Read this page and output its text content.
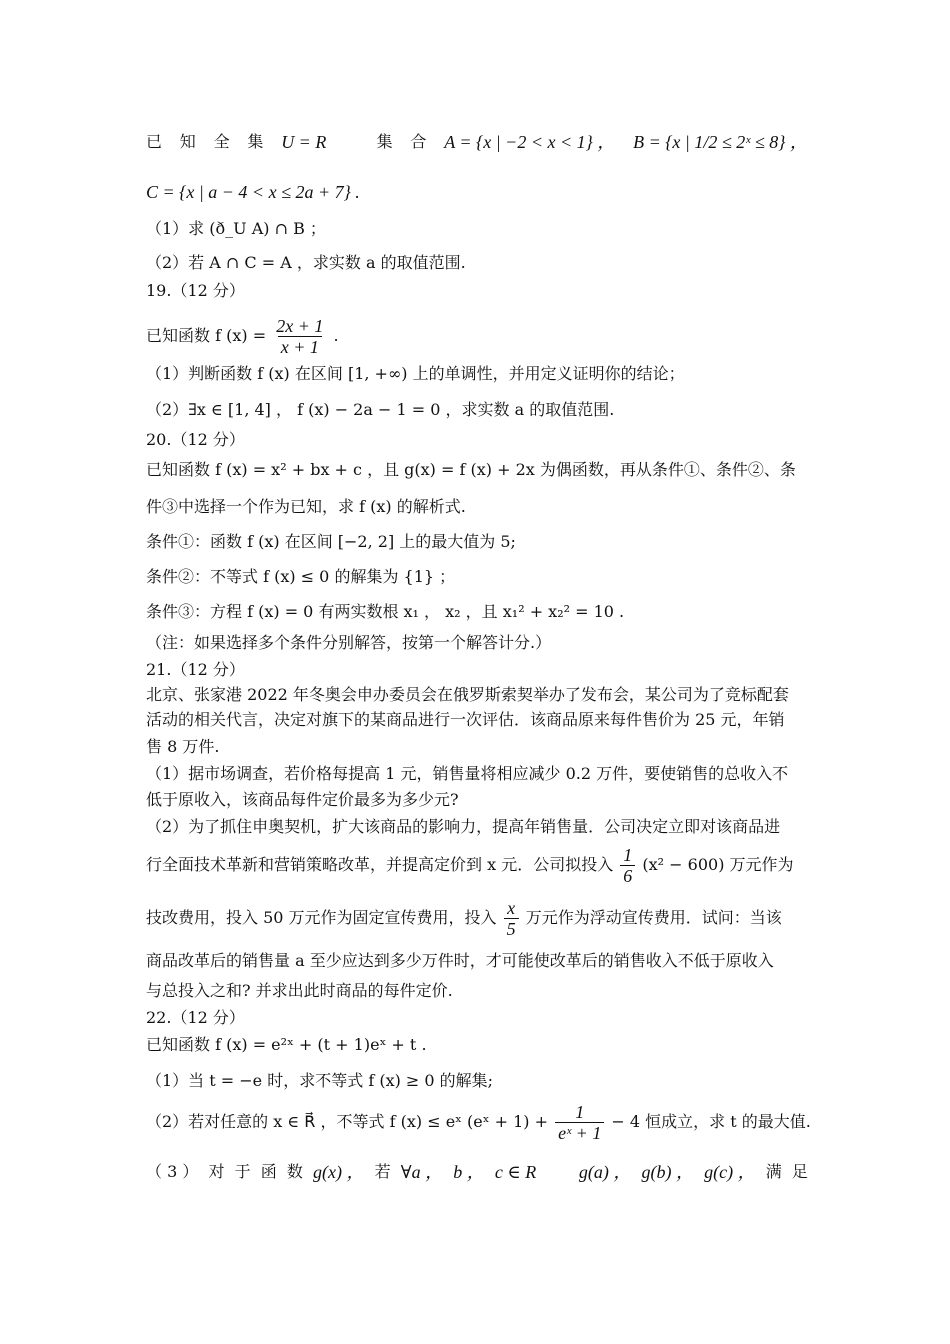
已 知 全 集 U = R⃗ ， 集 合 A = {x | −2 < x < 1} ， B = {x | 1/2 ≤ 2ˣ ≤ 8} ，
C = {x | a − 4 < x ≤ 2a + 7} .
（1）求 (ð_U A) ∩ B ；
（2）若 A ∩ C = A ，求实数 a 的取值范围.
19.（12 分）
已知函数 f $(x) = \frac{2x + 1}{x + 1}$ .
（1）判断函数 f (x) 在区间 [1, +∞) 上的单调性，并用定义证明你的结论；
（2）∃x ∈ [1, 4] ， f (x) − 2a − 1 = 0 ，求实数 a 的取值范围.
20.（12 分）
已知函数 f (x) = x² + bx + c ，且 g(x) = f (x) + 2x 为偶函数，再从条件①、条件②、条
件③中选择一个作为已知，求 f (x) 的解析式.
条件①：函数 f (x) 在区间 [−2, 2] 上的最大值为 5;
条件②：不等式 f (x) ≤ 0 的解集为 {1} ；
条件③：方程 f (x) = 0 有两实数根 x₁ ， x₂ ，且 x₁² + x₂² = 10 .
（注：如果选择多个条件分别解答，按第一个解答计分.）
21.（12 分）
北京、张家港 2022 年冬奥会申办委员会在俄罗斯索契举办了发布会，某公司为了竞标配套
活动的相关代言，决定对旗下的某商品进行一次评估．该商品原来每件售价为 25 元，年销
售 8 万件.
（1）据市场调查，若价格每提高 1 元，销售量将相应减少 0.2 万件，要使销售的总收入不
低于原收入，该商品每件定价最多为多少元?
（2）为了抓住申奥契机，扩大该商品的影响力，提高年销售量．公司决定立即对该商品进
行全面技术革新和营销策略改革，并提高定价到 x 元．公司拟投入 $\frac{1}{6} (x^2 - 600)$ 万元作为
技改费用，投入 50 万元作为固定宣传费用，投入 $\frac{x}{5}$ 万元作为浮动宣传费用．试问：当该
商品改革后的销售量 a 至少应达到多少万件时，才可能使改革后的销售收入不低于原收入
与总投入之和? 并求出此时商品的每件定价.
22.（12 分）
已知函数 f (x) = e²ˣ + (t + 1)eˣ + t .
（1）当 t = −e 时，求不等式 f (x) ≥ 0 的解集;
（2）若对任意的 x ∈ R⃗ ，不等式 f (x) ≤ eˣ (eˣ + $1) + \frac{1}{\text{eˣ + 1}} - 4$ 恒成立，求 t 的最大值.
（ 3 ） 对 于 函 数 g(x) ， 若 ∀a ， b ， c ∈ R⃗ ， g(a) ， g(b) ， g(c) ， 满 足
